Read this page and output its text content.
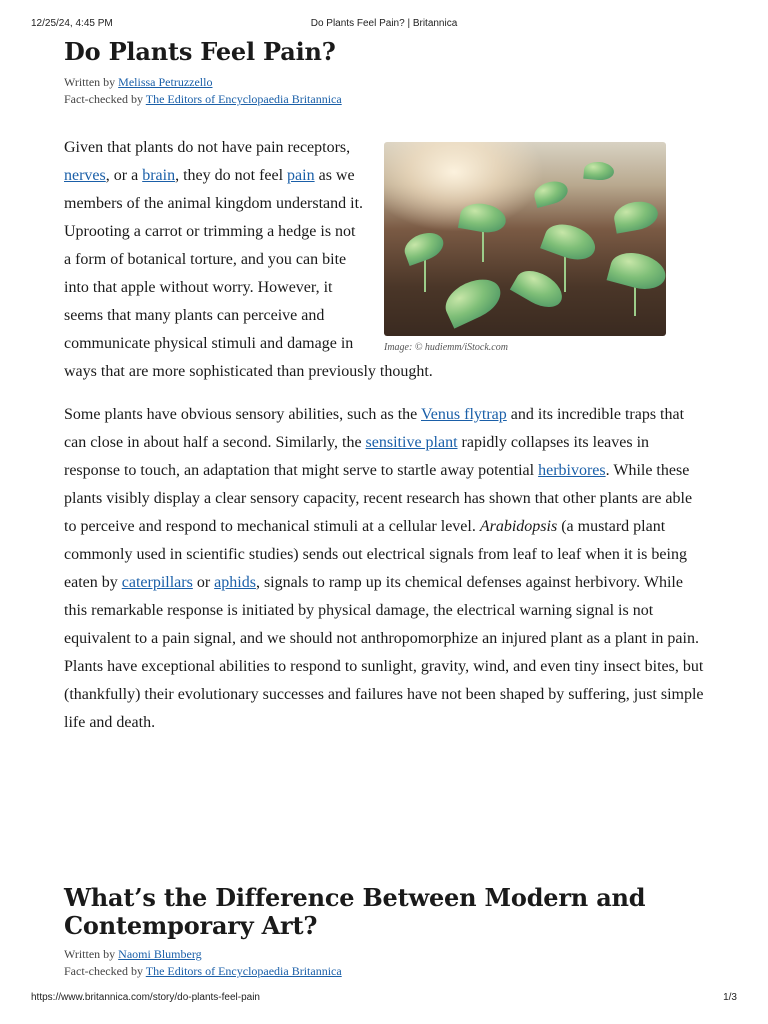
12/25/24, 4:45 PM	Do Plants Feel Pain? | Britannica
Do Plants Feel Pain?
Written by Melissa Petruzzello
Fact-checked by The Editors of Encyclopaedia Britannica
Image: © hudiemm/iStock.com
Given that plants do not have pain receptors, nerves, or a brain, they do not feel pain as we members of the animal kingdom understand it. Uprooting a carrot or trimming a hedge is not a form of botanical torture, and you can bite into that apple without worry. However, it seems that many plants can perceive and communicate physical stimuli and damage in ways that are more sophisticated than previously thought.
Some plants have obvious sensory abilities, such as the Venus flytrap and its incredible traps that can close in about half a second. Similarly, the sensitive plant rapidly collapses its leaves in response to touch, an adaptation that might serve to startle away potential herbivores. While these plants visibly display a clear sensory capacity, recent research has shown that other plants are able to perceive and respond to mechanical stimuli at a cellular level. Arabidopsis (a mustard plant commonly used in scientific studies) sends out electrical signals from leaf to leaf when it is being eaten by caterpillars or aphids, signals to ramp up its chemical defenses against herbivory. While this remarkable response is initiated by physical damage, the electrical warning signal is not equivalent to a pain signal, and we should not anthropomorphize an injured plant as a plant in pain. Plants have exceptional abilities to respond to sunlight, gravity, wind, and even tiny insect bites, but (thankfully) their evolutionary successes and failures have not been shaped by suffering, just simple life and death.
What’s the Difference Between Modern and Contemporary Art?
Written by Naomi Blumberg
Fact-checked by The Editors of Encyclopaedia Britannica
https://www.britannica.com/story/do-plants-feel-pain	1/3
